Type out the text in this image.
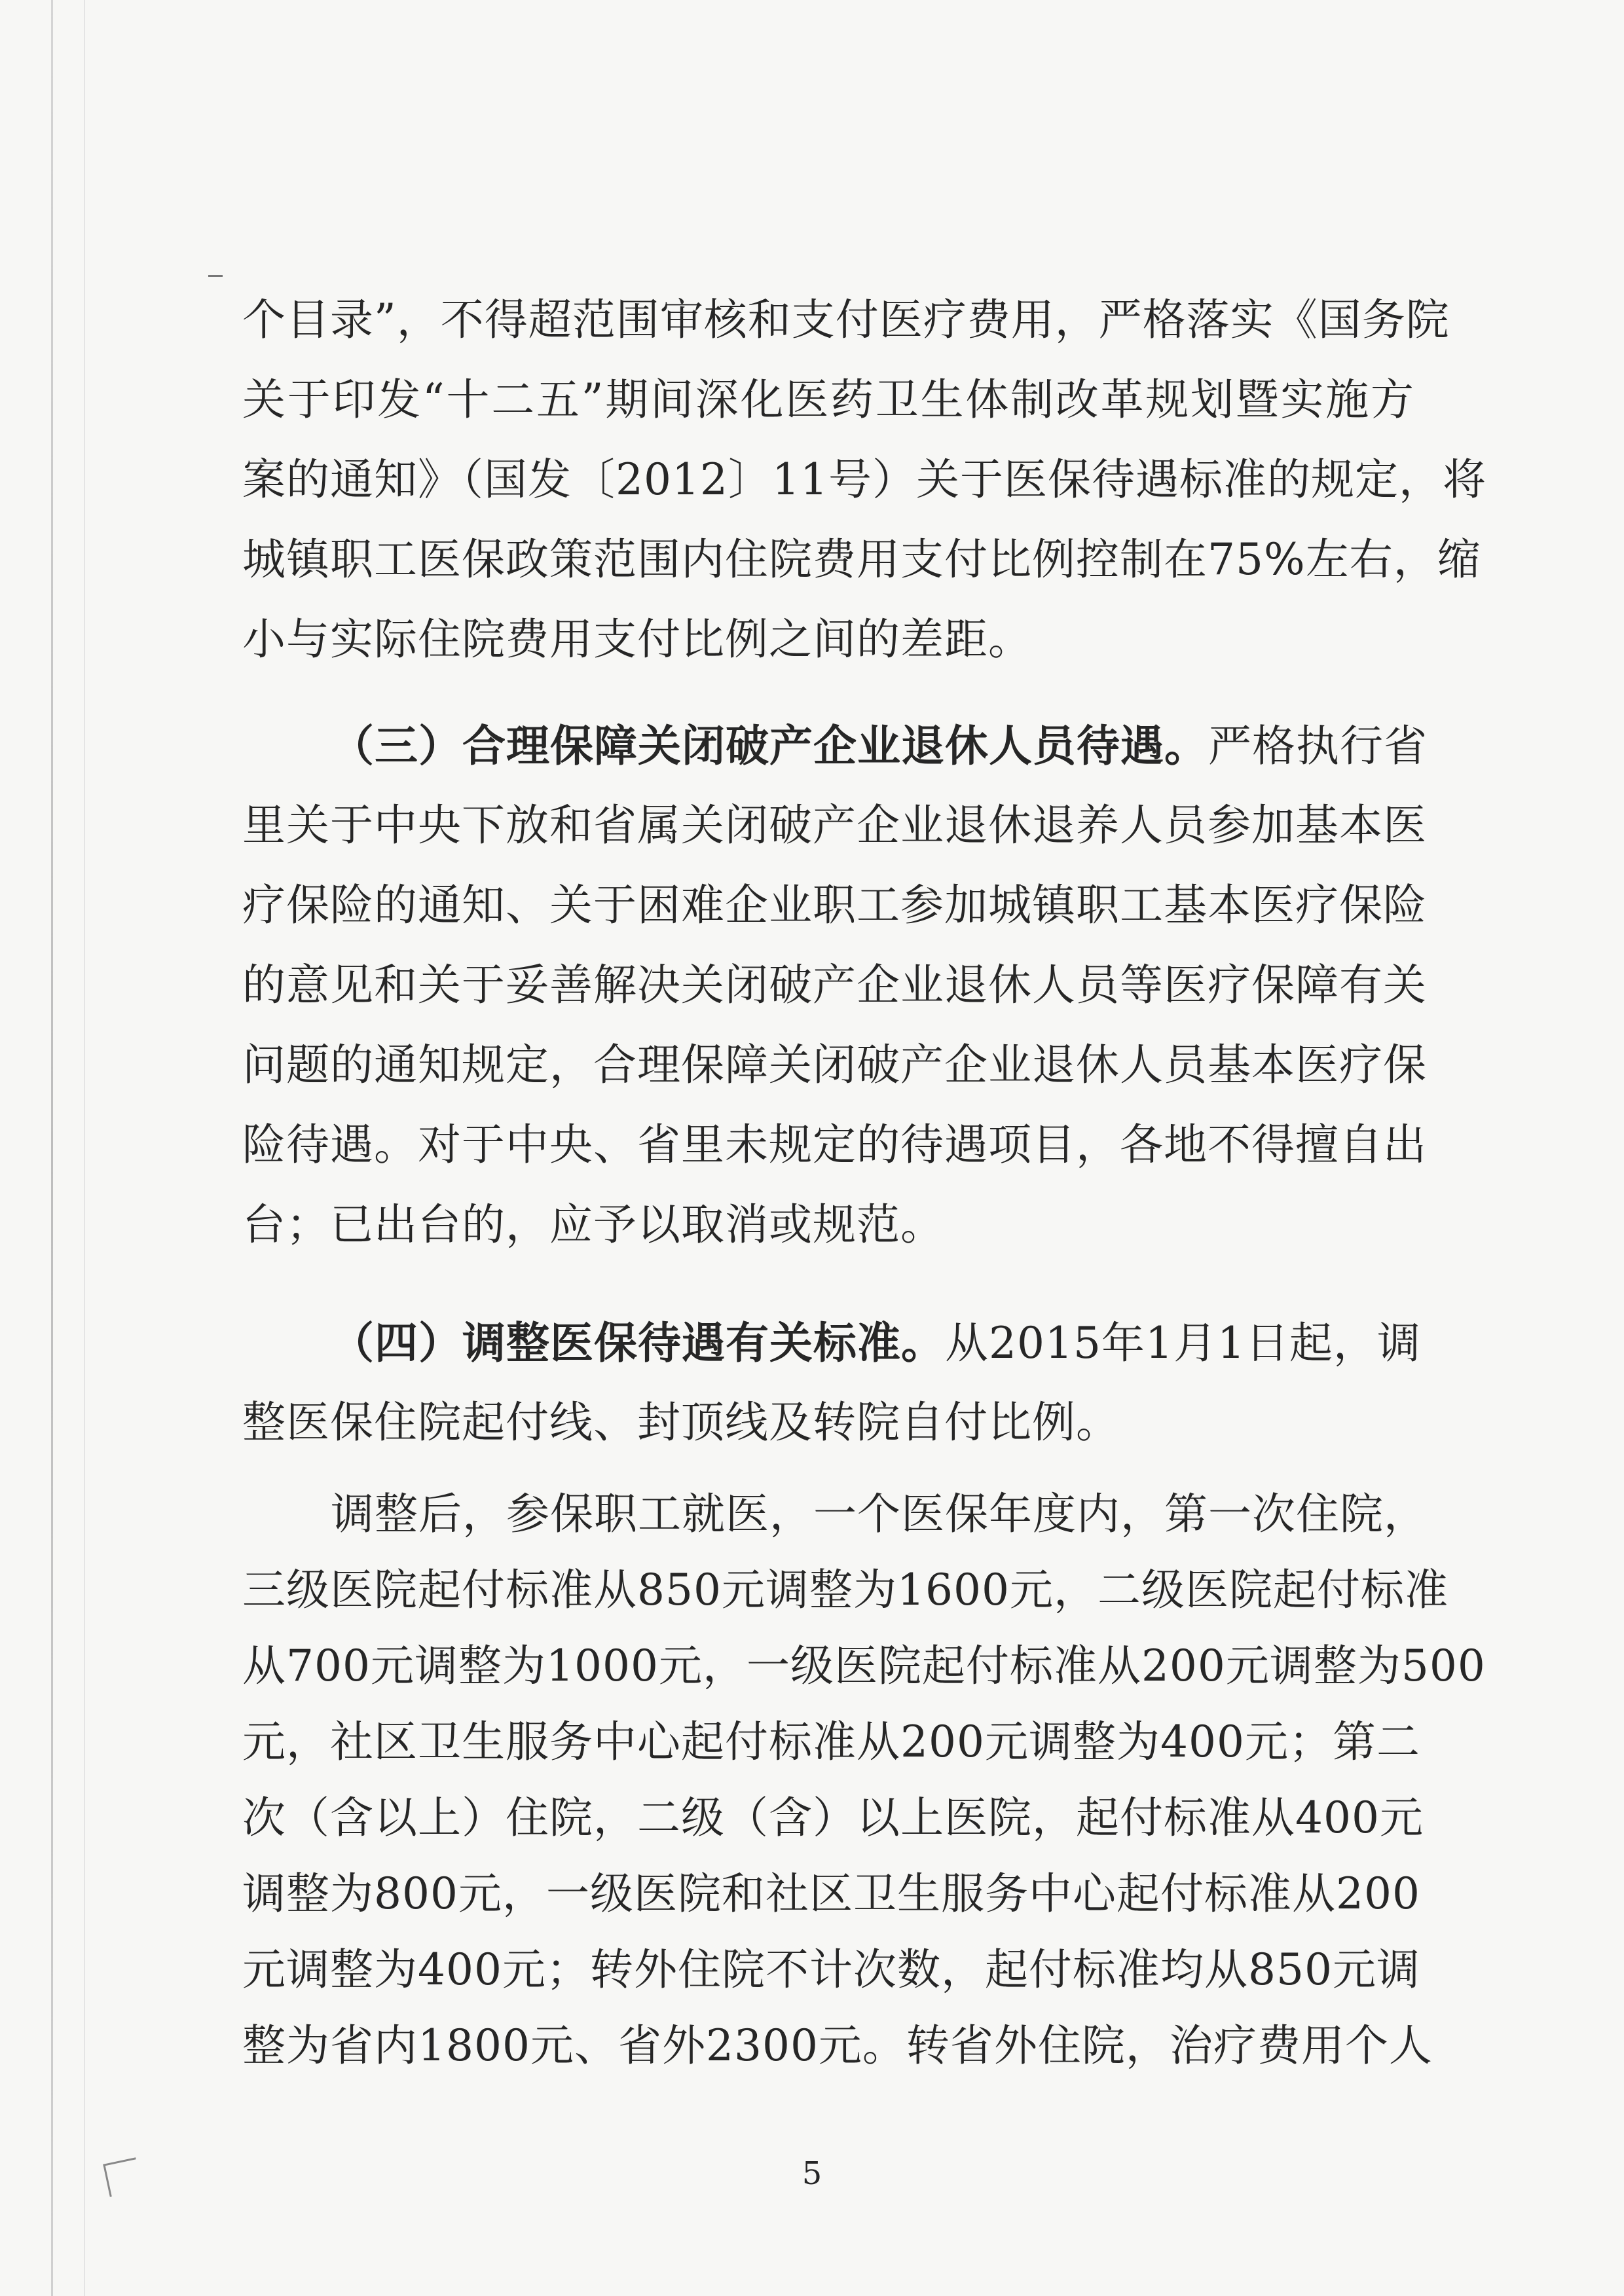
个目录”，不得超范围审核和支付医疗费用，严格落实《国务院
关于印发“十二五”期间深化医药卫生体制改革规划暨实施方
案的通知》（国发〔2012〕11号）关于医保待遇标准的规定，将
城镇职工医保政策范围内住院费用支付比例控制在75%左右，缩
小与实际住院费用支付比例之间的差距。
（三）合理保障关闭破产企业退休人员待遇。严格执行省
里关于中央下放和省属关闭破产企业退休退养人员参加基本医
疗保险的通知、关于困难企业职工参加城镇职工基本医疗保险
的意见和关于妥善解决关闭破产企业退休人员等医疗保障有关
问题的通知规定，合理保障关闭破产企业退休人员基本医疗保
险待遇。对于中央、省里未规定的待遇项目，各地不得擅自出
台；已出台的，应予以取消或规范。
（四）调整医保待遇有关标准。从2015年1月1日起，调
整医保住院起付线、封顶线及转院自付比例。
调整后，参保职工就医，一个医保年度内，第一次住院，
三级医院起付标准从850元调整为1600元，二级医院起付标准
从700元调整为1000元，一级医院起付标准从200元调整为500
元，社区卫生服务中心起付标准从200元调整为400元；第二
次（含以上）住院，二级（含）以上医院，起付标准从400元
调整为800元，一级医院和社区卫生服务中心起付标准从200
元调整为400元；转外住院不计次数，起付标准均从850元调
整为省内1800元、省外2300元。转省外住院，治疗费用个人
5
